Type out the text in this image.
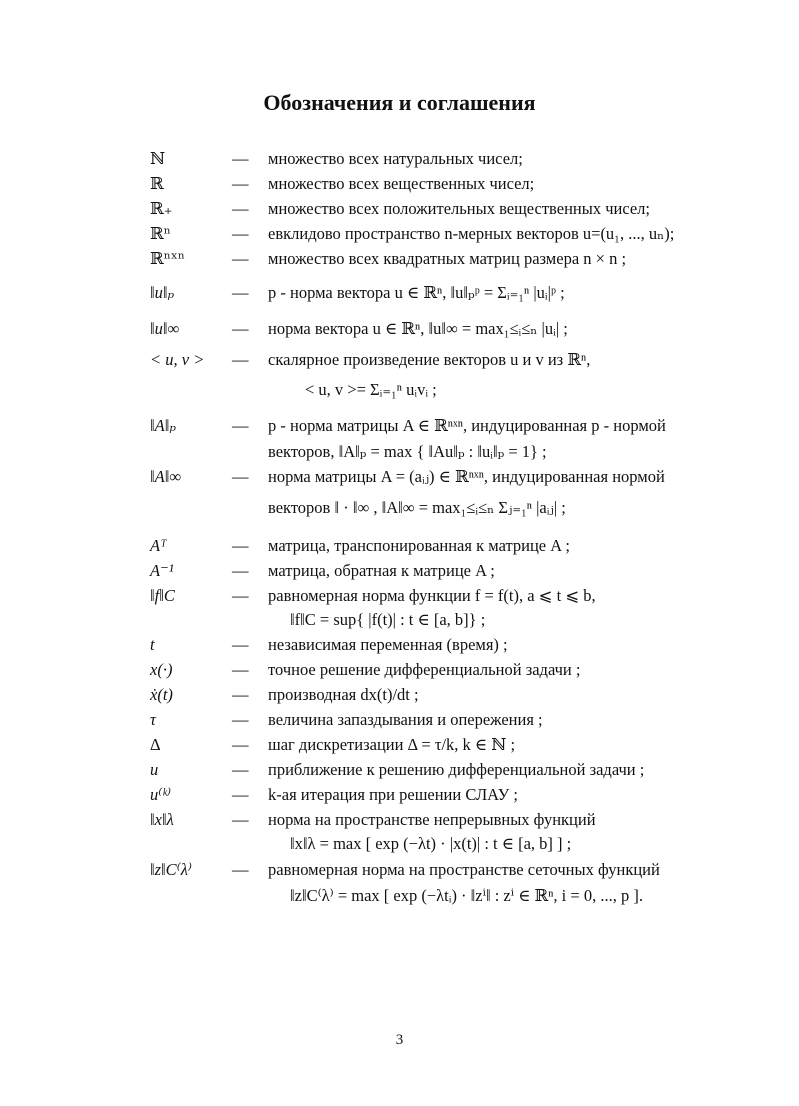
Обозначения и соглашения
ℕ	— множество всех натуральных чисел;
ℝ	— множество всех вещественных чисел;
ℝ₊	— множество всех положительных вещественных чисел;
ℝⁿ	— евклидово пространство n-мерных векторов u=(u₁, ..., uₙ);
ℝⁿˣⁿ	— множество всех квадратных матриц размера n × n ;
‖u‖ₚ	— p - норма вектора u ∈ ℝⁿ, ‖u‖ₚᵖ = Σᵢ₌₁ⁿ |uᵢ|ᵖ ;
‖u‖∞	— норма вектора u ∈ ℝⁿ, ‖u‖∞ = max₁≤ᵢ≤ₙ |uᵢ| ;
< u, v > — скалярное произведение векторов u и v из ℝⁿ,
< u, v >= Σᵢ₌₁ⁿ uᵢvᵢ ;
‖A‖ₚ	— p - норма матрицы A ∈ ℝⁿˣⁿ, индуцированная p - нормой
векторов, ‖A‖ₚ = max { ‖Au‖ₚ : ‖uᵢ‖ₚ = 1} ;
‖A‖∞	— норма матрицы A = (aᵢⱼ) ∈ ℝⁿˣⁿ, индуцированная нормой
векторов ‖ · ‖∞ , ‖A‖∞ = max₁≤ᵢ≤ₙ Σⱼ₌₁ⁿ |aᵢⱼ| ;
Aᵀ	— матрица, транспонированная к матрице A ;
A⁻¹	— матрица, обратная к матрице A ;
‖f‖C	— равномерная норма функции f = f(t), a ⩽ t ⩽ b,
‖f‖C = sup{ |f(t)| : t ∈ [a, b]} ;
t	— независимая переменная (время) ;
x(·)	— точное решение дифференциальной задачи ;
ẋ(t)	— производная dx(t)/dt ;
τ	— величина запаздывания и опережения ;
Δ	— шаг дискретизации Δ = τ/k, k ∈ ℕ ;
u	— приближение к решению дифференциальной задачи ;
u⁽ᵏ⁾	— k-ая итерация при решении СЛАУ ;
‖x‖λ	— норма на пространстве непрерывных функций
‖x‖λ = max [ exp (−λt) · |x(t)| : t ∈ [a, b] ] ;
‖z‖C⁽λ⁾ — равномерная норма на пространстве сеточных функций
‖z‖C⁽λ⁾ = max [ exp (−λtᵢ) · ‖zⁱ‖ : zⁱ ∈ ℝⁿ, i = 0, ..., p ].
3
